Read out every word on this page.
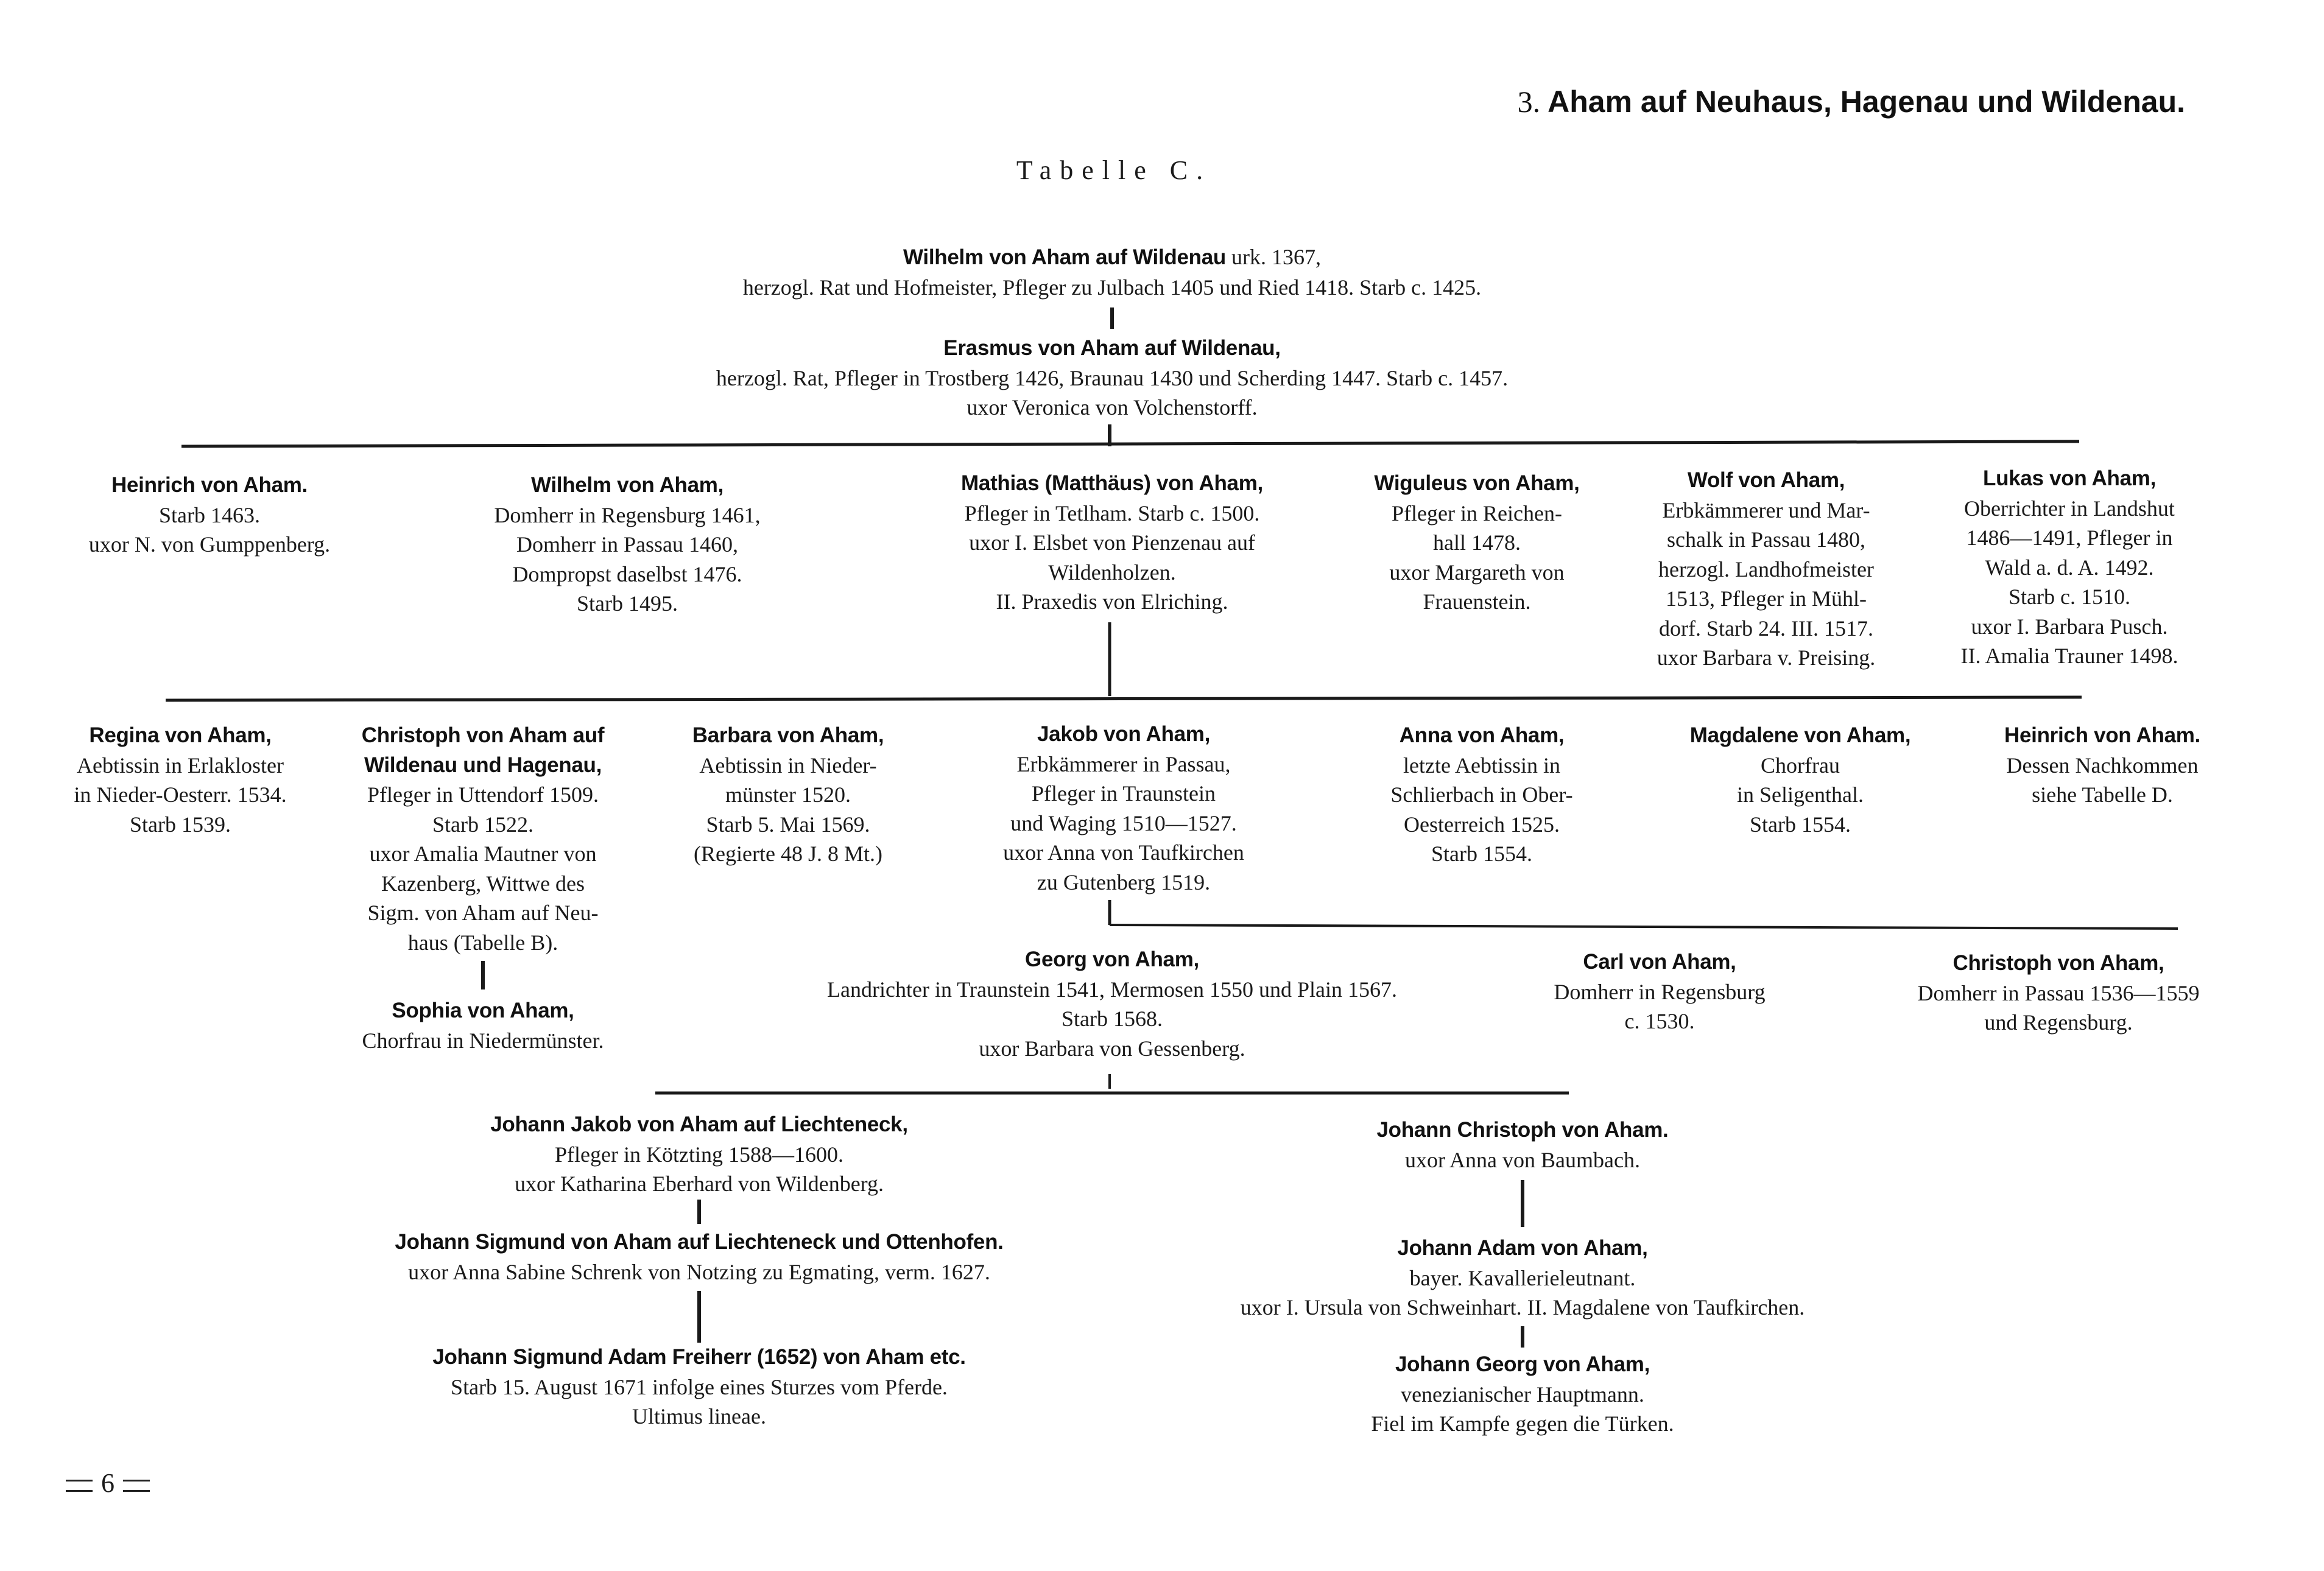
3. Aham auf Neuhaus, Hagenau und Wildenau.
Tabelle C.
Wilhelm von Aham auf Wildenau urk. 1367,
herzogl. Rat und Hofmeister, Pfleger zu Julbach 1405 und Ried 1418. Starb c. 1425.
Erasmus von Aham auf Wildenau,
herzogl. Rat, Pfleger in Trostberg 1426, Braunau 1430 und Scherding 1447. Starb c. 1457.
uxor Veronica von Volchenstorff.
Heinrich von Aham.
Starb 1463.
uxor N. von Gumppenberg.
Wilhelm von Aham,
Domherr in Regensburg 1461,
Domherr in Passau 1460,
Dompropst daselbst 1476.
Starb 1495.
Mathias (Matthäus) von Aham,
Pfleger in Tetlham. Starb c. 1500.
uxor I. Elsbet von Pienzenau auf
Wildenholzen.
II. Praxedis von Elriching.
Wiguleus von Aham,
Pfleger in Reichen-
hall 1478.
uxor Margareth von
Frauenstein.
Wolf von Aham,
Erbkämmerer und Mar-
schalk in Passau 1480,
herzogl. Landhofmeister
1513, Pfleger in Mühl-
dorf. Starb 24. III. 1517.
uxor Barbara v. Preising.
Lukas von Aham,
Oberrichter in Landshut
1486—1491, Pfleger in
Wald a. d. A. 1492.
Starb c. 1510.
uxor I. Barbara Pusch.
II. Amalia Trauner 1498.
Regina von Aham,
Aebtissin in Erlakloster
in Nieder-Oesterr. 1534.
Starb 1539.
Christoph von Aham auf
Wildenau und Hagenau,
Pfleger in Uttendorf 1509.
Starb 1522.
uxor Amalia Mautner von
Kazenberg, Wittwe des
Sigm. von Aham auf Neu-
haus (Tabelle B).
Barbara von Aham,
Aebtissin in Nieder-
münster 1520.
Starb 5. Mai 1569.
(Regierte 48 J. 8 Mt.)
Jakob von Aham,
Erbkämmerer in Passau,
Pfleger in Traunstein
und Waging 1510—1527.
uxor Anna von Taufkirchen
zu Gutenberg 1519.
Anna von Aham,
letzte Aebtissin in
Schlierbach in Ober-
Oesterreich 1525.
Starb 1554.
Magdalene von Aham,
Chorfrau
in Seligenthal.
Starb 1554.
Heinrich von Aham.
Dessen Nachkommen
siehe Tabelle D.
Sophia von Aham,
Chorfrau in Niedermünster.
Georg von Aham,
Landrichter in Traunstein 1541, Mermosen 1550 und Plain 1567.
Starb 1568.
uxor Barbara von Gessenberg.
Carl von Aham,
Domherr in Regensburg
c. 1530.
Christoph von Aham,
Domherr in Passau 1536—1559
und Regensburg.
Johann Jakob von Aham auf Liechteneck,
Pfleger in Kötzting 1588—1600.
uxor Katharina Eberhard von Wildenberg.
Johann Sigmund von Aham auf Liechteneck und Ottenhofen.
uxor Anna Sabine Schrenk von Notzing zu Egmating, verm. 1627.
Johann Sigmund Adam Freiherr (1652) von Aham etc.
Starb 15. August 1671 infolge eines Sturzes vom Pferde.
Ultimus lineae.
Johann Christoph von Aham.
uxor Anna von Baumbach.
Johann Adam von Aham,
bayer. Kavallerieleutnant.
uxor I. Ursula von Schweinhart. II. Magdalene von Taufkirchen.
Johann Georg von Aham,
venezianischer Hauptmann.
Fiel im Kampfe gegen die Türken.
6
